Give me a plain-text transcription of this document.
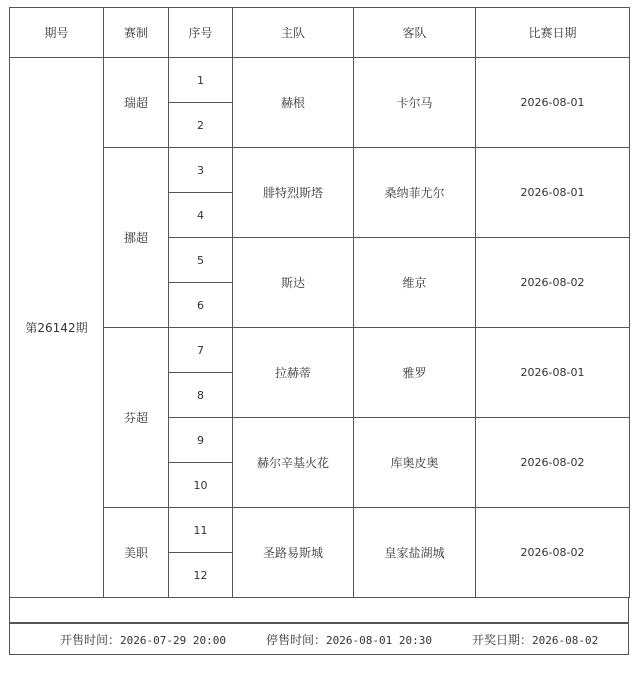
期号	赛制	序号	主队	客队	比赛日期
第26142期	瑞超	1	赫根	卡尔马	2026-08-01
		2			
	挪超	3	腓特烈斯塔	桑纳菲尤尔	2026-08-01
		4			
		5	斯达	维京	2026-08-02
		6			
	芬超	7	拉赫蒂	雅罗	2026-08-01
		8			
		9	赫尔辛基火花	库奥皮奥	2026-08-02
		10			
	美职	11	圣路易斯城	皇家盐湖城	2026-08-02
		12			
开售时间：2026-07-29 20:00	停售时间：2026-08-01 20:30	开奖日期：2026-08-02
